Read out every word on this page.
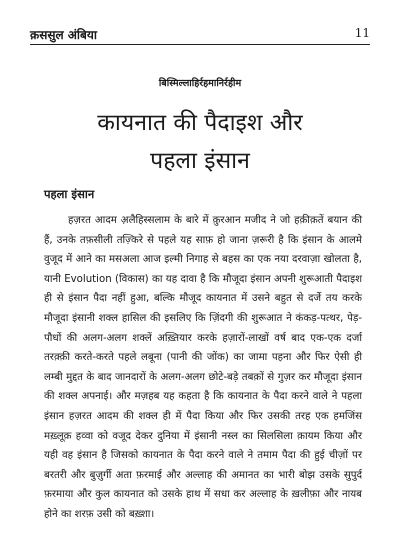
क़ससुल अंबिया	11
बिस्मिल्लाहिर्रहमानिर्रहीम
कायनात की पैदाइश और
पहला इंसान
पहला इंसान
हज़रत आदम अ़लैहिस्सलाम के बारे में क़ुरआन मजीद ने जो हक़ीक़तें बयान की हैं, उनके तफ़सीली तज़्किरे से पहले यह साफ़ हो जाना ज़रूरी है कि इंसान के आलमे वुजूद में आने का मसअला आज इल्मी निगाह से बहस का एक नया दरवाज़ा खोलता है, यानी Evolution (विकास) का यह दावा है कि मौजूदा इंसान अपनी शुरूआती पैदाइश ही से इंसान पैदा नहीं हुआ, बल्कि मौजूद कायनात में उसने बहुत से दर्जे तय करके मौजूदा इंसानी शक्ल हासिल की इसलिए कि ज़िंदगी की शुरूआत ने कंकड़-पत्थर, पेड़-पौधों की अलग-अलग शक्लें अख़्तियार करके हज़ारों-लाखों वर्ष बाद एक-एक दर्जा तरक़्क़ी करते-करते पहले लबूना (पानी की जोंक) का जामा पहना और फिर ऐसी ही लम्बी मुद्दत के बाद जानदारों के अलग-अलग छोटे-बड़े तबक़ों से गुज़र कर मौजूदा इंसान की शक्ल अपनाई। और मज़हब यह कहता है कि कायनात के पैदा करने वाले ने पहला इंसान हज़रत आदम की शक्ल ही में पैदा किया और फिर उसकी तरह एक हमजिंस मख़्लूक़ हव्वा को वजूद देकर दुनिया में इंसानी नस्ल का सिलसिला क़ायम किया और यही वह इंसान है जिसको कायनात के पैदा करने वाले ने तमाम पैदा की हुई चीज़ों पर बरतरी और बुज़ुर्गी अता फ़रमाई और अल्लाह की अमानत का भारी बोझ उसके सुपुर्द फ़रमाया और कुल कायनात को उसके हाथ में सधा कर अल्लाह के ख़लीफ़ा और नायब होने का शरफ़ उसी को बख़्शा।
